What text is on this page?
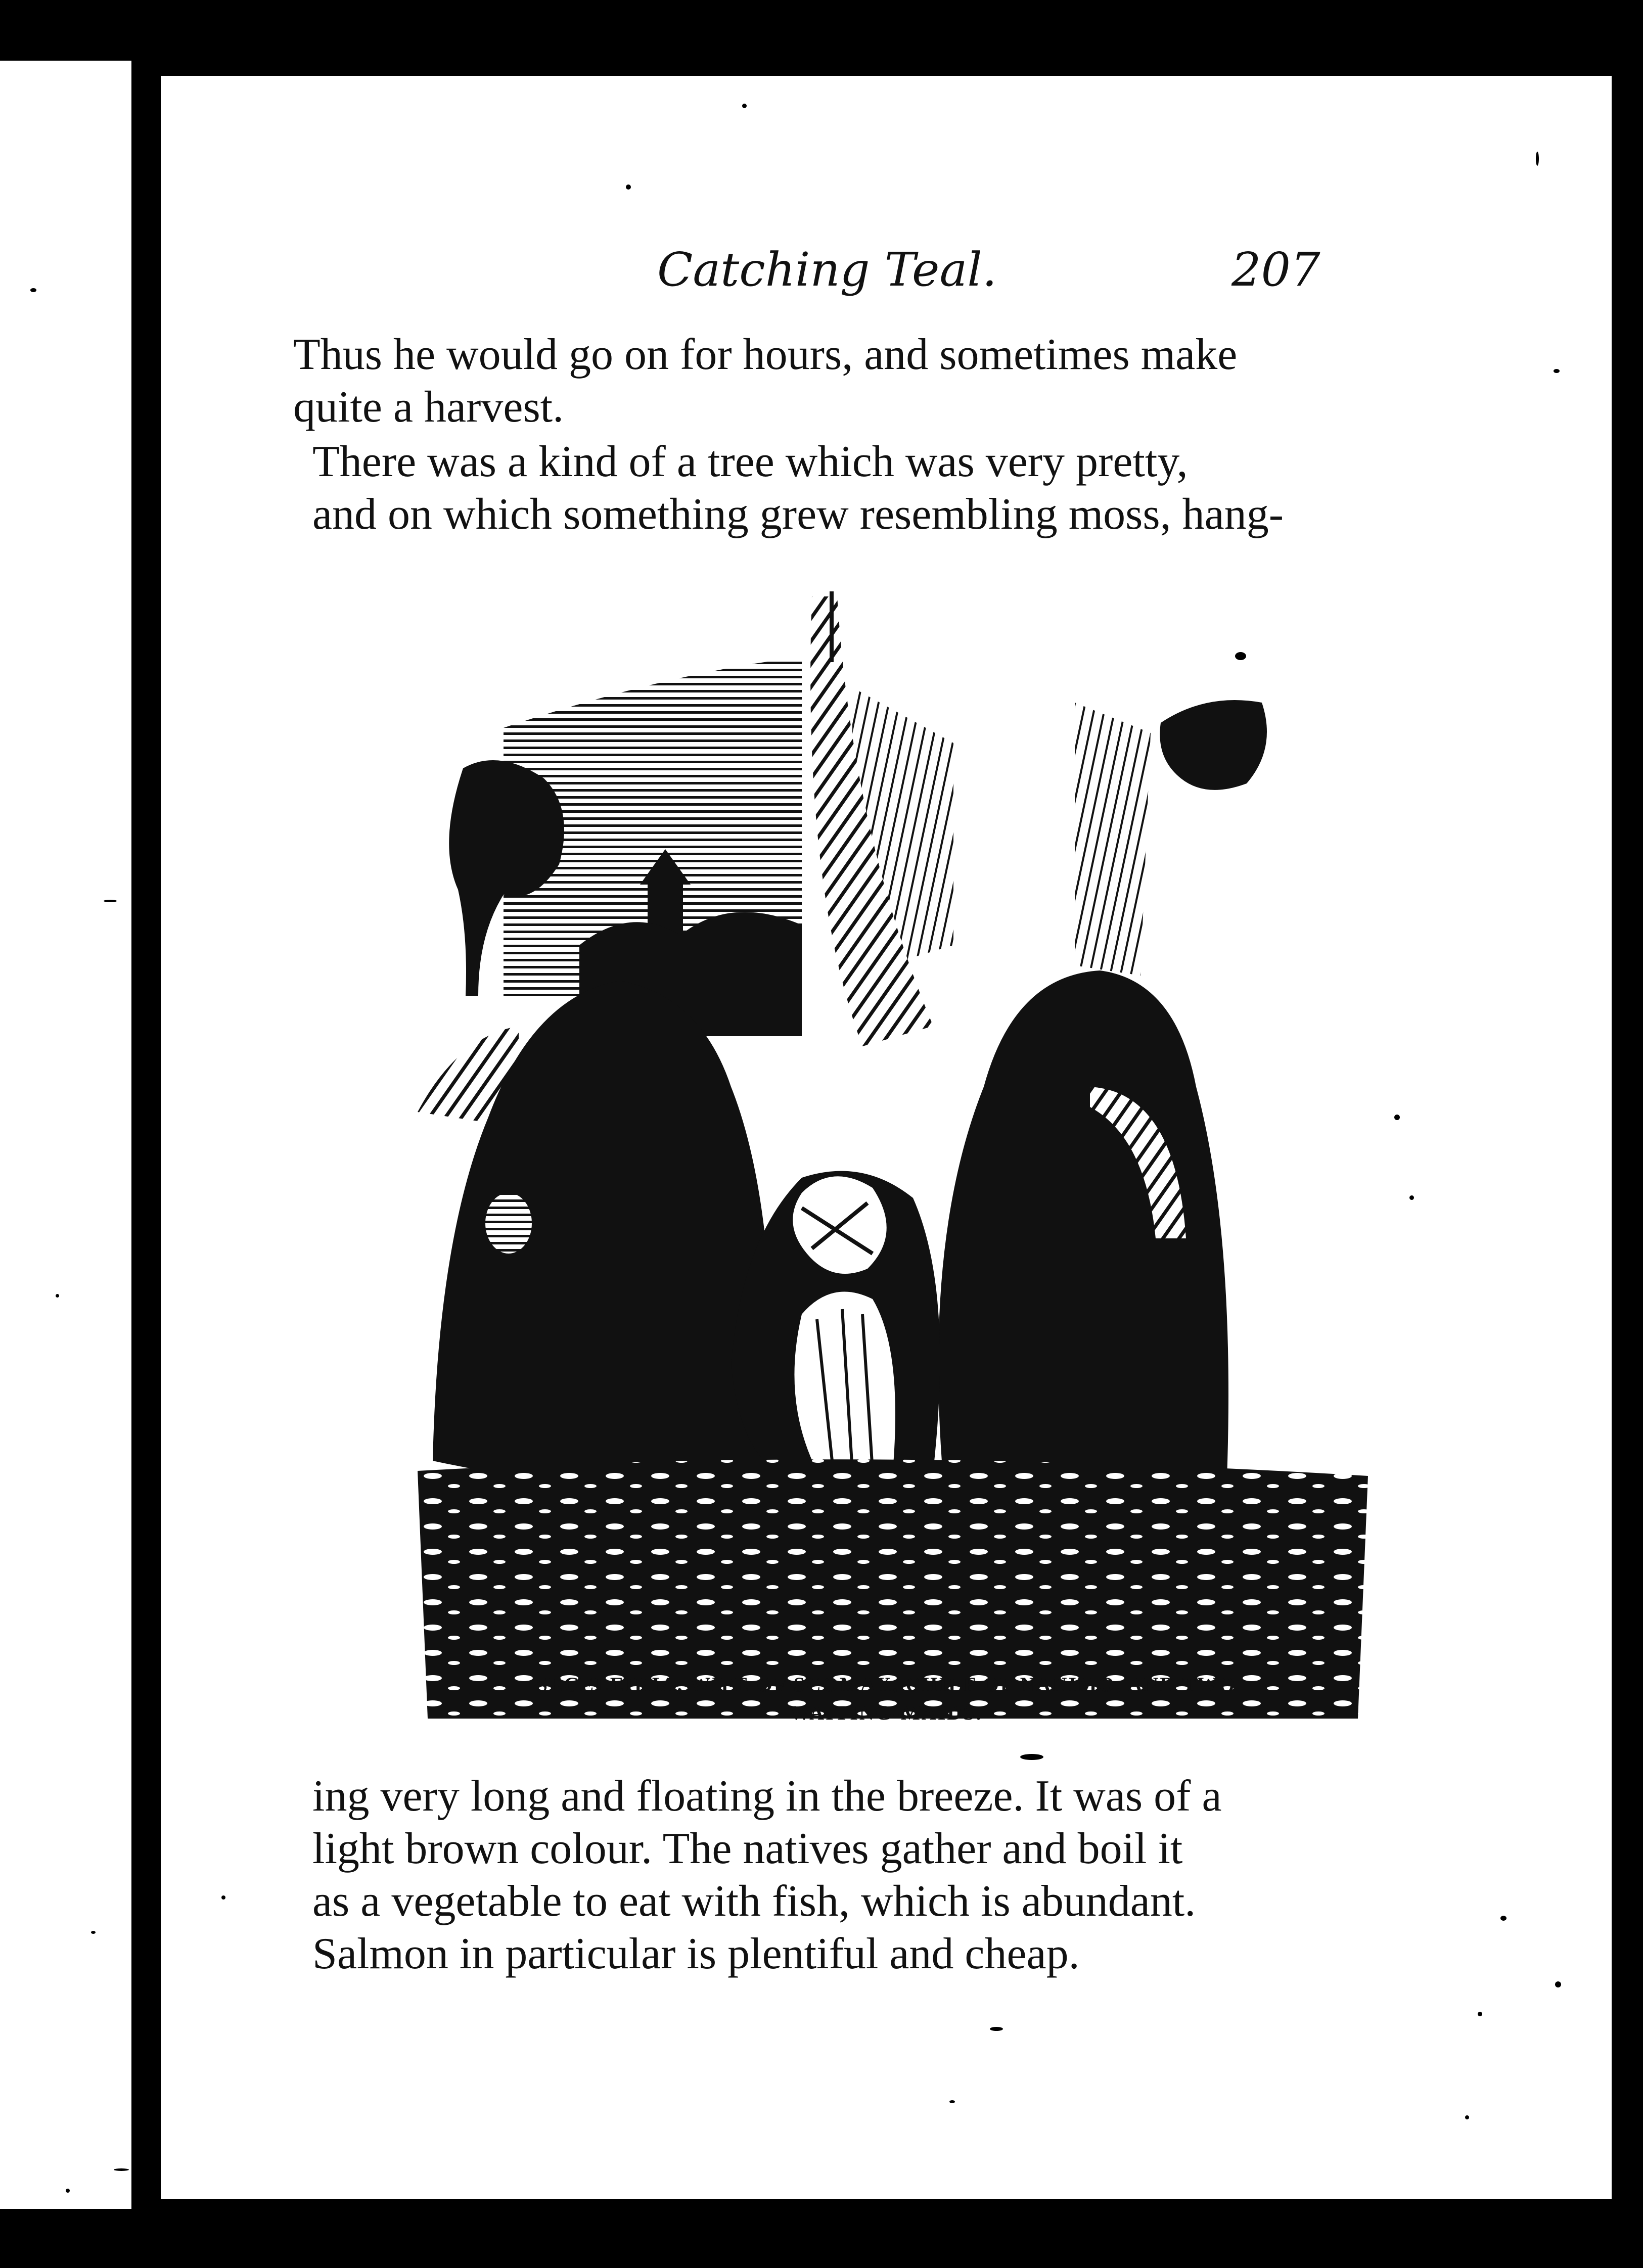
Catching Teal.	207
Thus he would go on for hours, and sometimes make
quite a harvest.
There was a kind of a tree which was very pretty,
and on which something grew resembling moss, hang-
SECELEIKIA, WIFE OF SCOMAX, CHIEF OF NANIMO, AND TWO
WAITING-MAIDS.
ing very long and floating in the breeze. It was of a
light brown colour. The natives gather and boil it
as a vegetable to eat with fish, which is abundant.
Salmon in particular is plentiful and cheap.
